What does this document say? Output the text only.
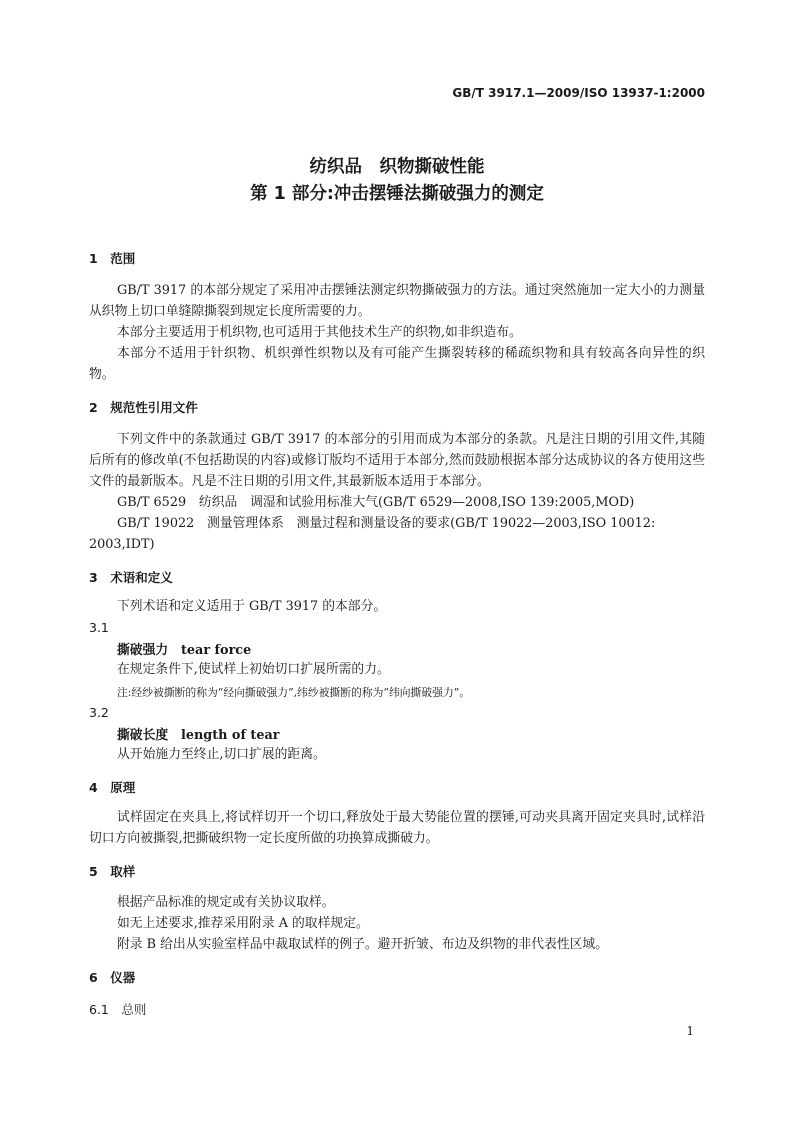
GB/T 3917.1—2009/ISO 13937-1:2000
纺织品　织物撕破性能
第 1 部分:冲击摆锤法撕破强力的测定
1　范围
GB/T 3917 的本部分规定了采用冲击摆锤法测定织物撕破强力的方法。通过突然施加一定大小的力测量从织物上切口单缝隙撕裂到规定长度所需要的力。
本部分主要适用于机织物,也可适用于其他技术生产的织物,如非织造布。
本部分不适用于针织物、机织弹性织物以及有可能产生撕裂转移的稀疏织物和具有较高各向异性的织物。
2　规范性引用文件
下列文件中的条款通过 GB/T 3917 的本部分的引用而成为本部分的条款。凡是注日期的引用文件,其随后所有的修改单(不包括勘误的内容)或修订版均不适用于本部分,然而鼓励根据本部分达成协议的各方使用这些文件的最新版本。凡是不注日期的引用文件,其最新版本适用于本部分。
GB/T 6529　纺织品　调湿和试验用标准大气(GB/T 6529—2008,ISO 139:2005,MOD)
GB/T 19022　测量管理体系　测量过程和测量设备的要求(GB/T 19022—2003,ISO 10012:
2003,IDT)
3　术语和定义
下列术语和定义适用于 GB/T 3917 的本部分。
3.1
撕破强力　tear force
在规定条件下,使试样上初始切口扩展所需的力。
注:经纱被撕断的称为“经向撕破强力”,纬纱被撕断的称为“纬向撕破强力”。
3.2
撕破长度　length of tear
从开始施力至终止,切口扩展的距离。
4　原理
试样固定在夹具上,将试样切开一个切口,释放处于最大势能位置的摆锤,可动夹具离开固定夹具时,试样沿切口方向被撕裂,把撕破织物一定长度所做的功换算成撕破力。
5　取样
根据产品标准的规定或有关协议取样。
如无上述要求,推荐采用附录 A 的取样规定。
附录 B 给出从实验室样品中裁取试样的例子。避开折皱、布边及织物的非代表性区域。
6　仪器
6.1　总则
1
